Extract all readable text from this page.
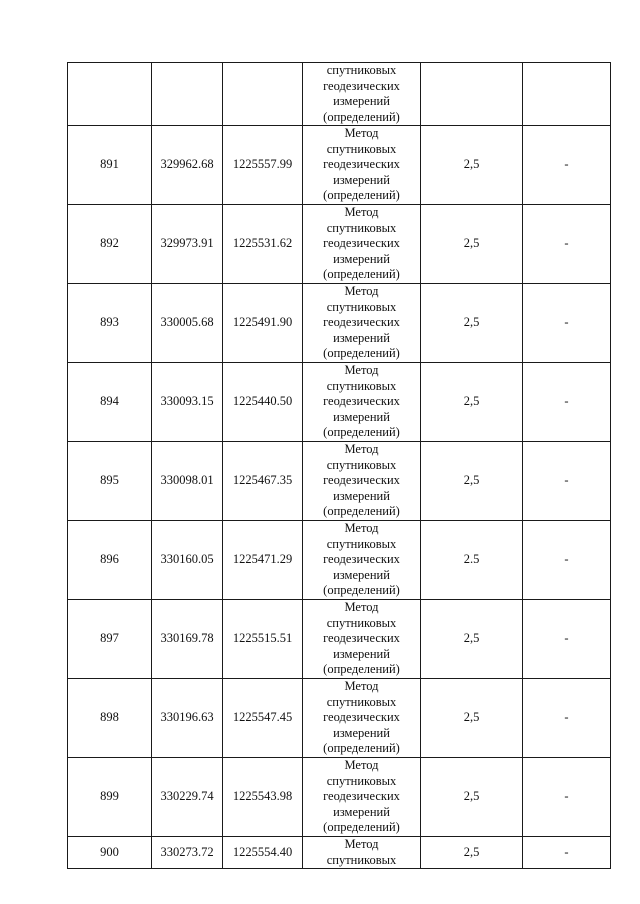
			спутниковых
геодезических
измерений
(определений)		

891	329962.68	1225557.99	Метод
спутниковых
геодезических
измерений
(определений)	2,5	-
892	329973.91	1225531.62	Метод
спутниковых
геодезических
измерений
(определений)	2,5	-
893	330005.68	1225491.90	Метод
спутниковых
геодезических
измерений
(определений)	2,5	-
894	330093.15	1225440.50	Метод
спутниковых
геодезических
измерений
(определений)	2,5	-
895	330098.01	1225467.35	Метод
спутниковых
геодезических
измерений
(определений)	2,5	-
896	330160.05	1225471.29	Метод
спутниковых
геодезических
измерений
(определений)	2.5	-
897	330169.78	1225515.51	Метод
спутниковых
геодезических
измерений
(определений)	2,5	-
898	330196.63	1225547.45	Метод
спутниковых
геодезических
измерений
(определений)	2,5	-
899	330229.74	1225543.98	Метод
спутниковых
геодезических
измерений
(определений)	2,5	-
900	330273.72	1225554.40	Метод
спутниковых	2,5	-
